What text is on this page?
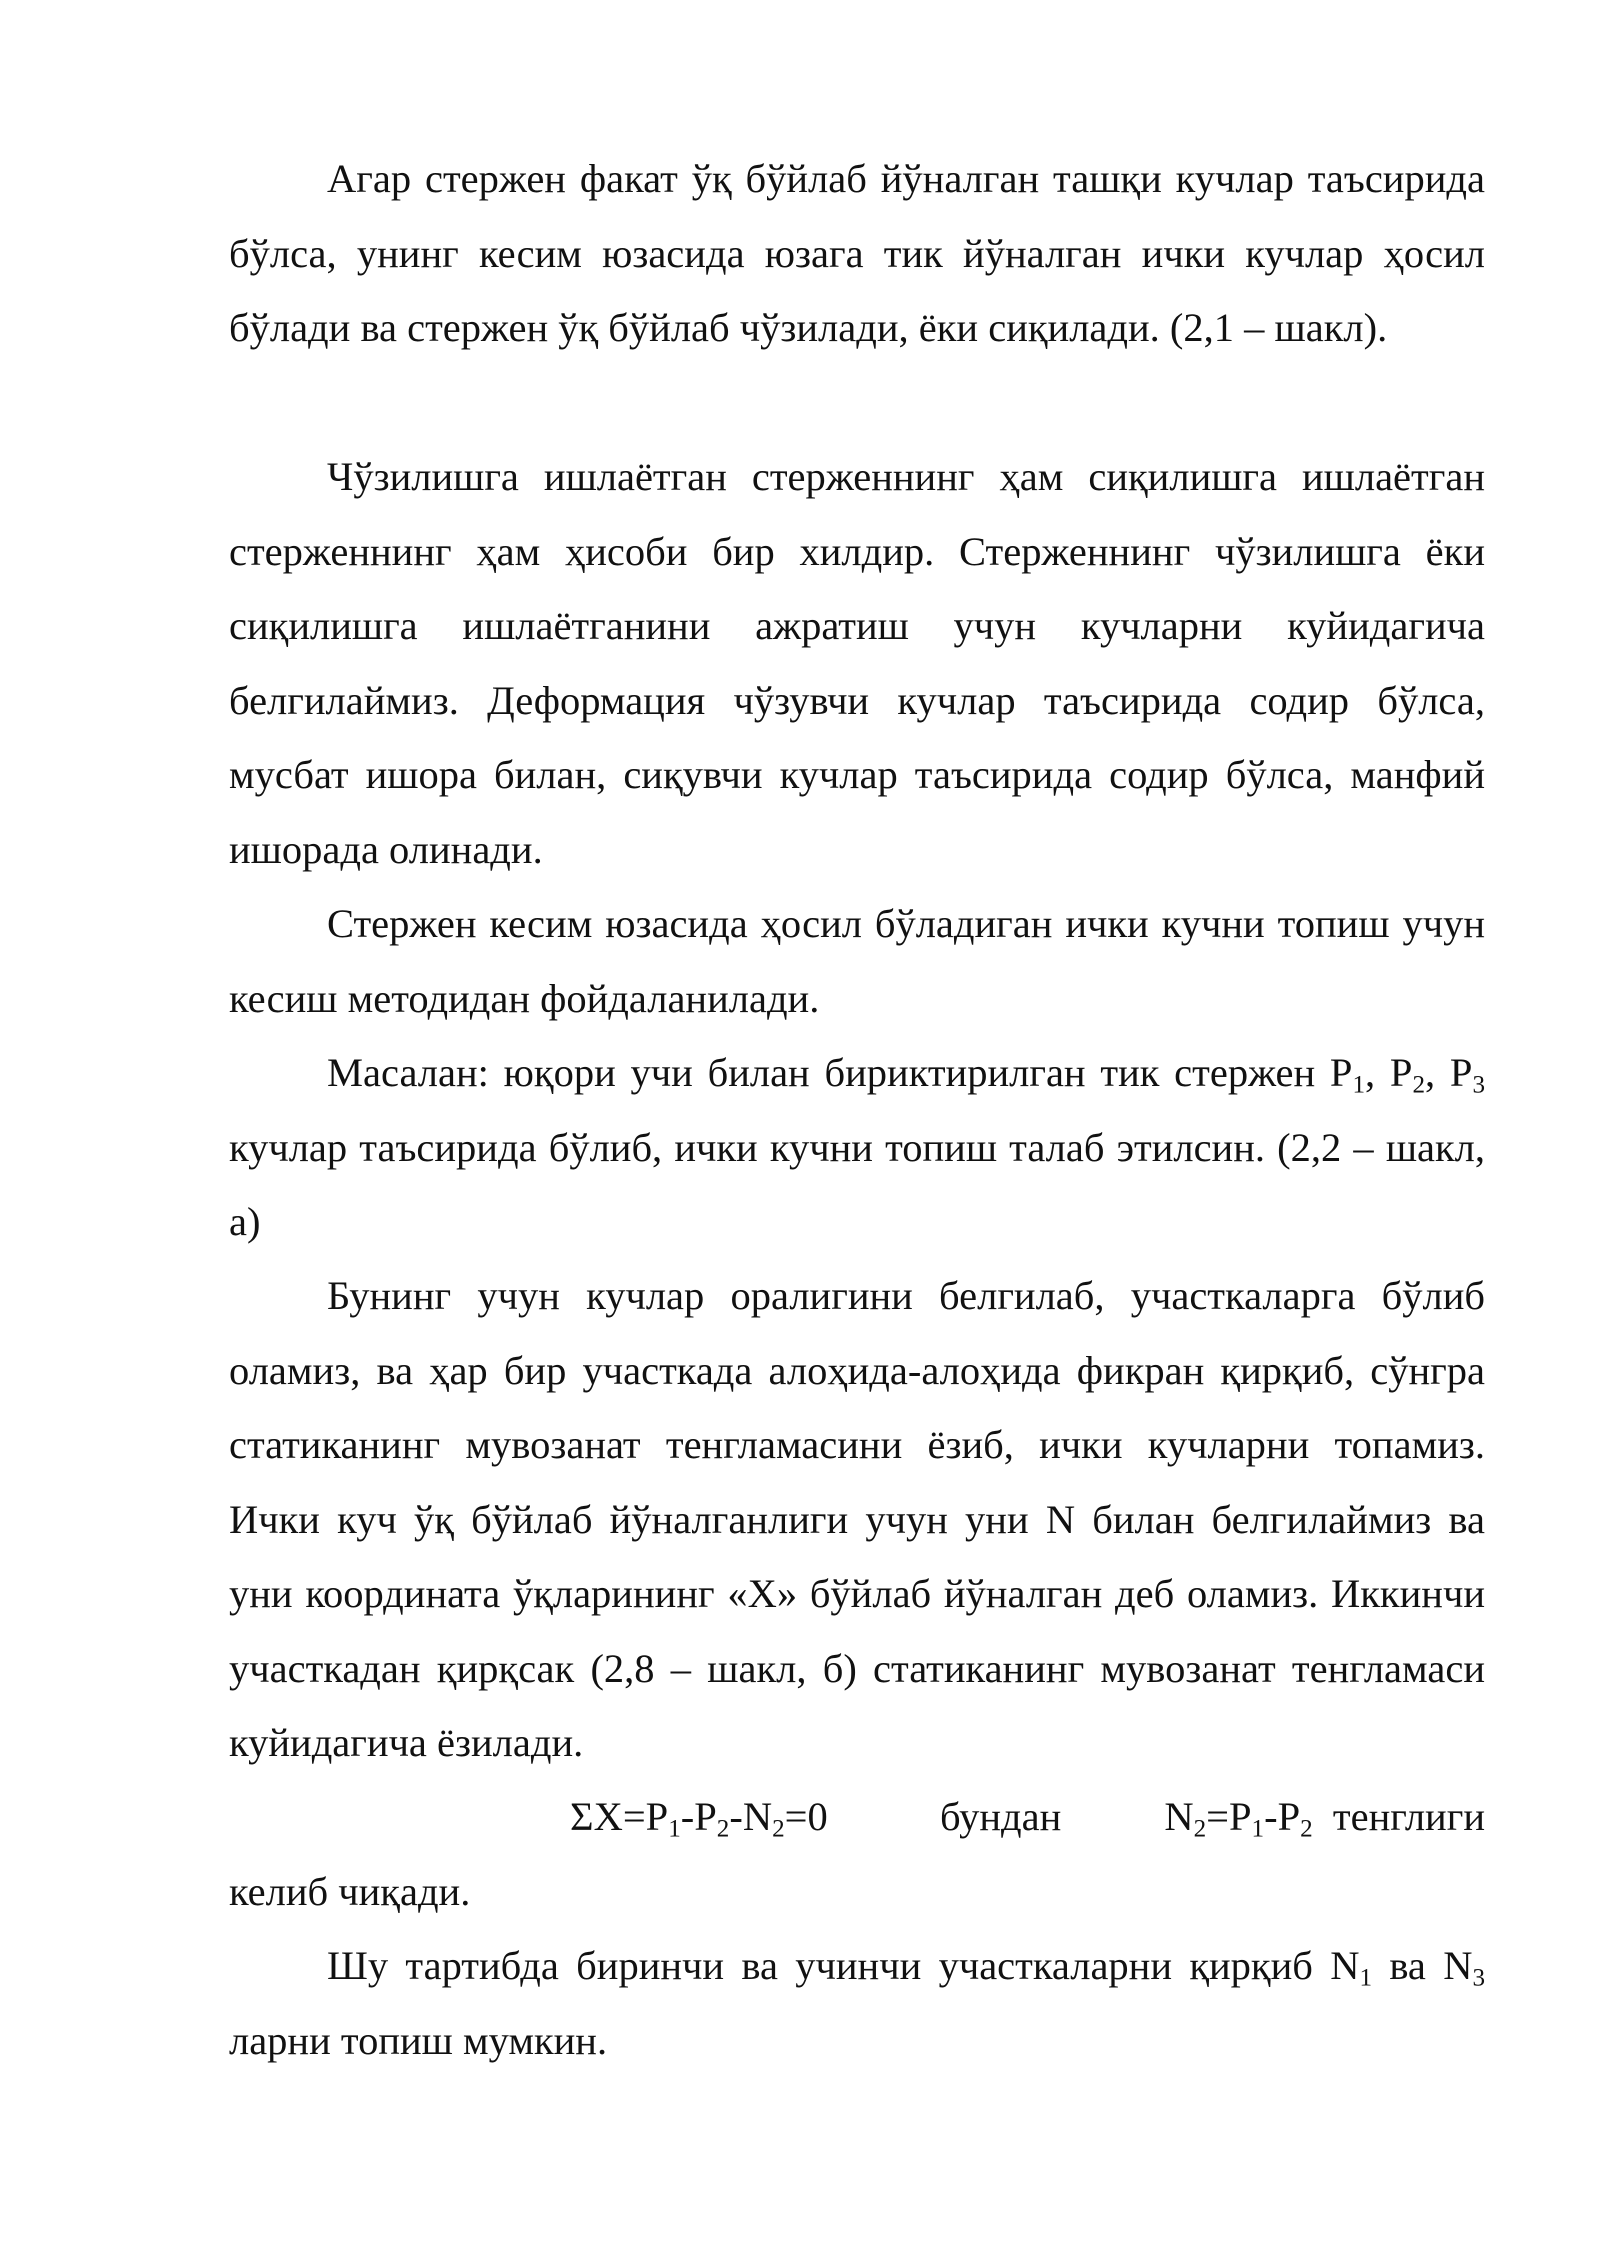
Агар стержен факат ўқ бўйлаб йўналган ташқи кучлар таъсирида бўлса, унинг кесим юзасида юзага тик йўналган ички кучлар ҳосил бўлади ва стержен ўқ бўйлаб чўзилади, ёки сиқилади. (2,1 – шакл).

Чўзилишга ишлаётган стерженнинг ҳам сиқилишга ишлаётган стерженнинг ҳам ҳисоби бир хилдир. Стерженнинг чўзилишга ёки сиқилишга ишлаётганини ажратиш учун кучларни куйидагича белгилаймиз. Деформация чўзувчи кучлар таъсирида содир бўлса, мусбат ишора билан, сиқувчи кучлар таъсирида содир бўлса, манфий ишорада олинади.

Стержен кесим юзасида ҳосил бўладиган ички кучни топиш учун кесиш методидан фойдаланилади.

Масалан: юқори учи билан бириктирилган тик стержен $P_1$, $P_2$, $P_3$ кучлар таъсирида бўлиб, ички кучни топиш талаб этилсин. (2,2 – шакл, а)

Бунинг учун кучлар оралигини белгилаб, участкаларга бўлиб оламиз, ва ҳар бир участкада алоҳида-алоҳида фикран қирқиб, сўнгра статиканинг мувозанат тенгламасини ёзиб, ички кучларни топамиз. Ички куч ўқ бўйлаб йўналганлиги учун уни N билан белгилаймиз ва уни координата ўқларининг «X» бўйлаб йўналган деб оламиз. Иккинчи участкадан қирқсак (2,8 – шакл, б) статиканинг мувозанат тенгламаси куйидагича ёзилади.

$\Sigma X=P_1-P_2-N_2=0$	бундан	$N_2=P_1-P_2$  тенглиги

келиб чиқади.

Шу тартибда биринчи ва учинчи участкаларни қирқиб $N_1$ ва $N_3$ ларни топиш мумкин.
